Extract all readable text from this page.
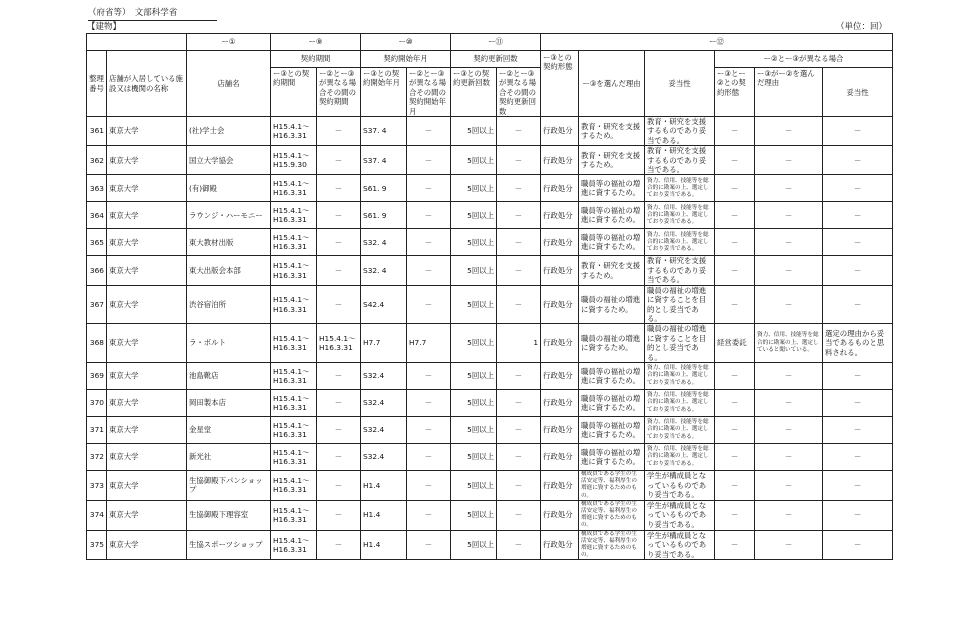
（府省等）　文部科学省
【建物】	（単位：回）
		ー①	ー⑨		ー⑩		ー⑪		ー⑫					
整理番号	店舗が入居している施設又は機関の名称	店舗名	契約期間		契約開始年月		契約更新回数		ー③との契約形態	ー③を選んだ理由	妥当性	ー②とー③が異なる場合		
			ー③との契約期間	ー②とー③が異なる場合その間の契約期間	ー③との契約開始年月	ー②とー③が異なる場合その間の契約開始年月	ー③との契約更新回数	ー②とー③が異なる場合その間の契約更新回数				ー③とー②との契約形態	ー③がー②を選んだ理由	妥当性
361	東京大学	(社)学士会	H15.4.1～H16.3.31	－	S37. 4	－	5回以上	－	行政処分	教育・研究を支援するため。	教育・研究を支援するものであり妥当である。	－	－	－
362	東京大学	国立大学協会	H15.4.1～H15.9.30	－	S37. 4	－	5回以上	－	行政処分	教育・研究を支援するため。	教育・研究を支援するものであり妥当である。	－	－	－
363	東京大学	(有)御殿	H15.4.1～H16.3.31	－	S61. 9	－	5回以上	－	行政処分	職員等の福祉の増進に資するため。	資力、信用、技能等を総合的に勘案の上、選定しており妥当である。	－	－	－
364	東京大学	ラウンジ・ハーモニー	H15.4.1～H16.3.31	－	S61. 9	－	5回以上	－	行政処分	職員等の福祉の増進に資するため。	資力、信用、技能等を総合的に勘案の上、選定しており妥当である。	－	－	－
365	東京大学	東大教材出版	H15.4.1～H16.3.31	－	S32. 4	－	5回以上	－	行政処分	職員等の福祉の増進に資するため。	資力、信用、技能等を総合的に勘案の上、選定しており妥当である。	－	－	－
366	東京大学	東大出版会本部	H15.4.1～H16.3.31	－	S32. 4	－	5回以上	－	行政処分	教育・研究を支援するため。	教育・研究を支援するものであり妥当である。	－	－	－
367	東京大学	渋谷宿泊所	H15.4.1～H16.3.31	－	S42.4	－	5回以上	－	行政処分	職員の福祉の増進に資するため。	職員の福祉の増進に資することを目的とし妥当である。	－	－	－
368	東京大学	ラ・ボルト	H15.4.1～H16.3.31	H15.4.1～H16.3.31	H7.7	H7.7	5回以上	1	行政処分	職員の福祉の増進に資するため。	職員の福祉の増進に資することを目的とし妥当である。	経営委託	資力、信用、技能等を総合的に勘案の上、選定していると聞いている。	選定の理由から妥当であるものと思料される。
369	東京大学	池島靴店	H15.4.1～H16.3.31	－	S32.4	－	5回以上	－	行政処分	職員等の福祉の増進に資するため。	資力、信用、技能等を総合的に勘案の上、選定しており妥当である。	－	－	－
370	東京大学	岡田製本店	H15.4.1～H16.3.31	－	S32.4	－	5回以上	－	行政処分	職員等の福祉の増進に資するため。	資力、信用、技能等を総合的に勘案の上、選定しており妥当である。	－	－	－
371	東京大学	金星堂	H15.4.1～H16.3.31	－	S32.4	－	5回以上	－	行政処分	職員等の福祉の増進に資するため。	資力、信用、技能等を総合的に勘案の上、選定しており妥当である。	－	－	－
372	東京大学	新光社	H15.4.1～H16.3.31	－	S32.4	－	5回以上	－	行政処分	職員等の福祉の増進に資するため。	資力、信用、技能等を総合的に勘案の上、選定しており妥当である。	－	－	－
373	東京大学	生協御殿下パンショップ	H15.4.1～H16.3.31	－	H1.4	－	5回以上	－	行政処分	構成員である学生の生活安定等、福利厚生の増進に資するためのもの。	学生が構成員となっているものであり妥当である。	－	－	－
374	東京大学	生協御殿下理容室	H15.4.1～H16.3.31	－	H1.4	－	5回以上	－	行政処分	構成員である学生の生活安定等、福利厚生の増進に資するためのもの。	学生が構成員となっているものであり妥当である。	－	－	－
375	東京大学	生協スポーツショップ	H15.4.1～H16.3.31	－	H1.4	－	5回以上	－	行政処分	構成員である学生の生活安定等、福利厚生の増進に資するためのもの。	学生が構成員となっているものであり妥当である。	－	－	－
